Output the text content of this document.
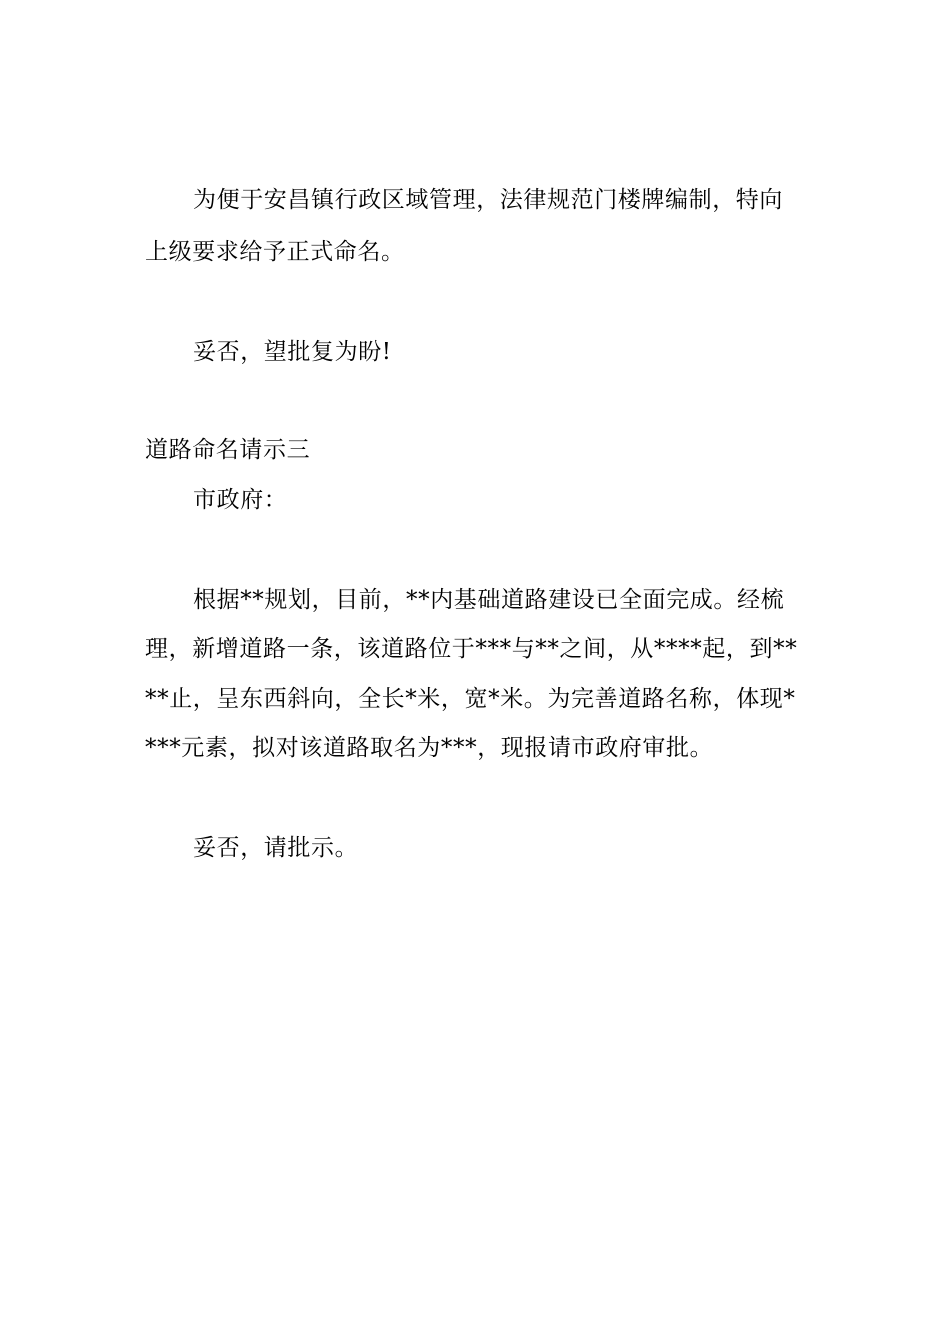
为便于安昌镇行政区域管理，法律规范门楼牌编制，特向
上级要求给予正式命名。
妥否，望批复为盼!
道路命名请示三
市政府：
根据**规划，目前，**内基础道路建设已全面完成。经梳
理，新增道路一条，该道路位于***与**之间，从****起，到**
**止，呈东西斜向，全长*米，宽*米。为完善道路名称，体现*
***元素，拟对该道路取名为***，现报请市政府审批。
妥否，请批示。
